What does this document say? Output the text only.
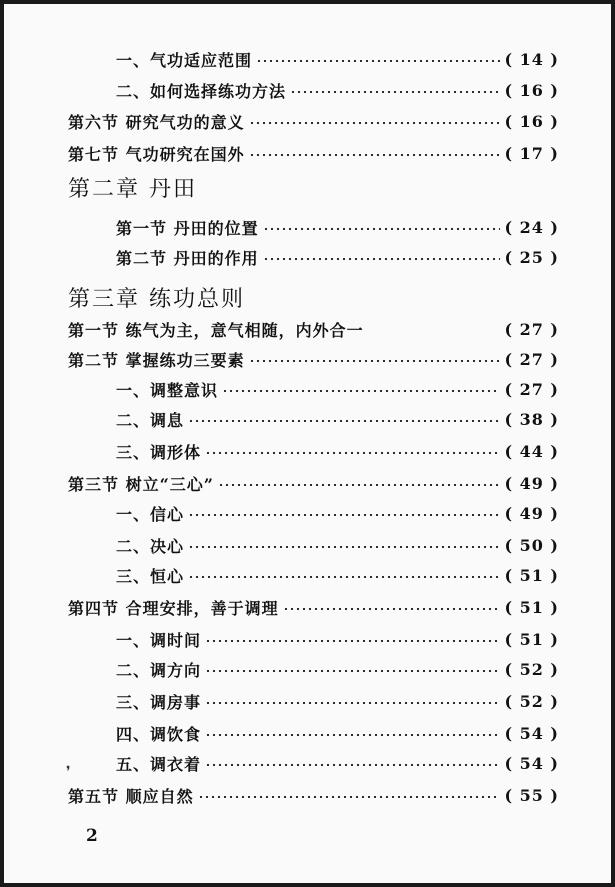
一、气功适应范围	( 14 )
二、如何选择练功方法	( 16 )
第六节 研究气功的意义	( 16 )
第七节 气功研究在国外	( 17 )
第二章 丹田
第一节 丹田的位置	( 24 )
第二节 丹田的作用	( 25 )
第三章 练功总则
第一节 练气为主，意气相随，内外合一	( 27 )
第二节 掌握练功三要素	( 27 )
一、调整意识	( 27 )
二、调息	( 38 )
三、调形体	( 44 )
第三节 树立“三心”	( 49 )
一、信心	( 49 )
二、决心	( 50 )
三、恒心	( 51 )
第四节 合理安排，善于调理	( 51 )
一、调时间	( 51 )
二、调方向	( 52 )
三、调房事	( 52 )
四、调饮食	( 54 )
五、调衣着	( 54 )
第五节 顺应自然	( 55 )
2
❜
